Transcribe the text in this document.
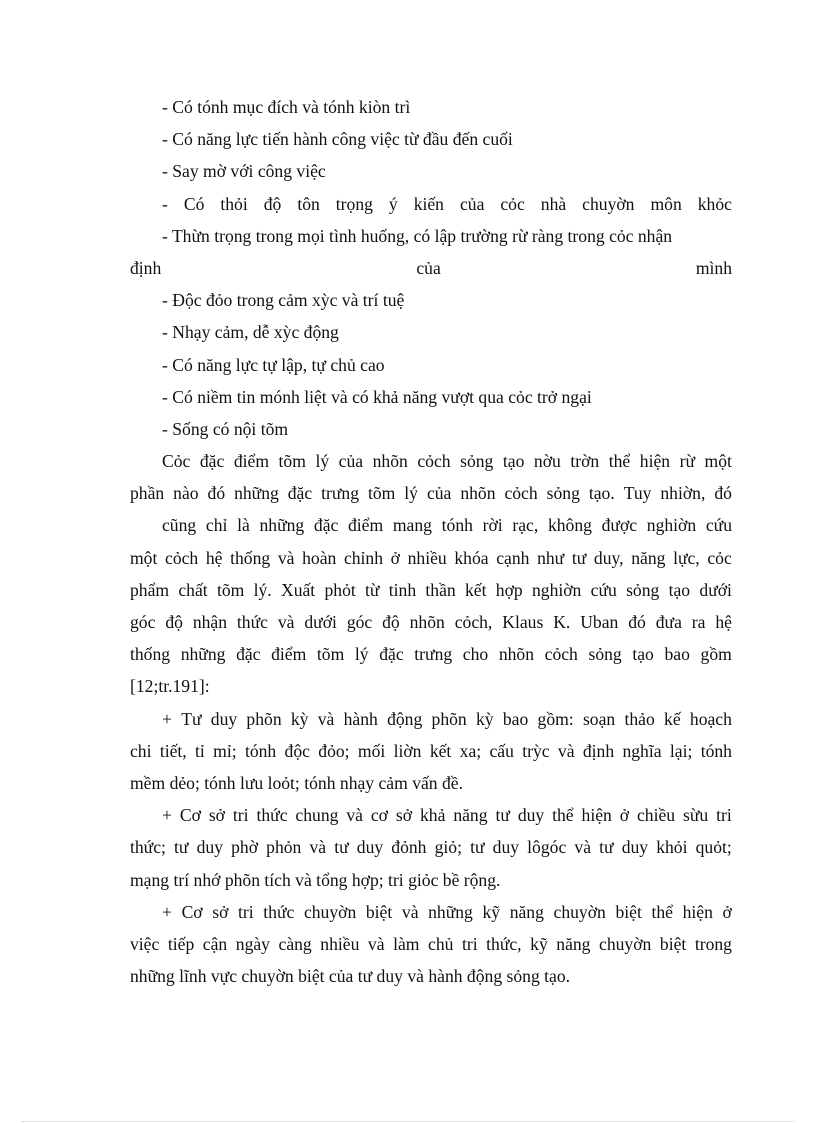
- Có tónh mục đích và tónh kiòn trì
- Có năng lực tiến hành công việc từ đầu đến cuối
- Say mờ với công việc
- Có thỏi độ tôn trọng ý kiến của cỏc nhà chuyờn môn khỏc
- Thừn trọng trong mọi tình huống, có lập trường rừ ràng trong cỏc nhận
định	của	mình
- Độc đỏo trong cảm xỳc và trí tuệ
- Nhạy cảm, dễ xỳc động
- Có năng lực tự lập, tự chủ cao
- Có niềm tin mónh liệt và có khả năng vượt qua cỏc trở ngại
- Sống có nội tõm
Cỏc đặc điểm tõm lý của nhõn cỏch sỏng tạo nờu trờn thể hiện rừ một
phần nào đó những đặc trưng tõm lý của nhõn cỏch sỏng tạo. Tuy nhiờn, đó
cũng chỉ là những đặc điểm mang tónh rời rạc, không được nghiờn cứu
một cỏch hệ thống và hoàn chỉnh ở nhiều khóa cạnh như tư duy, năng lực, cỏc
phẩm chất tõm lý. Xuất phỏt từ tinh thần kết hợp nghiờn cứu sỏng tạo dưới
góc độ nhận thức và dưới góc độ nhõn cỏch, Klaus K. Uban đó đưa ra hệ
thống những đặc điểm tõm lý đặc trưng cho nhõn cỏch sỏng tạo bao gồm
[12;tr.191]:
+ Tư duy phõn kỳ và hành động phõn kỳ bao gồm: soạn thảo kế hoạch
chi tiết, tỉ mỉ; tónh độc đỏo; mối liờn kết xa; cấu trỳc và định nghĩa lại; tónh
mềm dẻo; tónh lưu loỏt; tónh nhạy cảm vấn đề.
+ Cơ sở tri thức chung và cơ sở khả năng tư duy thể hiện ở chiều sừu tri
thức; tư duy phờ phỏn và tư duy đỏnh giỏ; tư duy lôgóc và tư duy khỏi quỏt;
mạng trí nhớ phõn tích và tổng hợp; tri giỏc bề rộng.
+ Cơ sở tri thức chuyờn biệt và những kỹ năng chuyờn biệt thể hiện ở
việc tiếp cận ngày càng nhiều và làm chủ tri thức, kỹ năng chuyờn biệt trong
những lĩnh vực chuyờn biệt của tư duy và hành động sỏng tạo.
